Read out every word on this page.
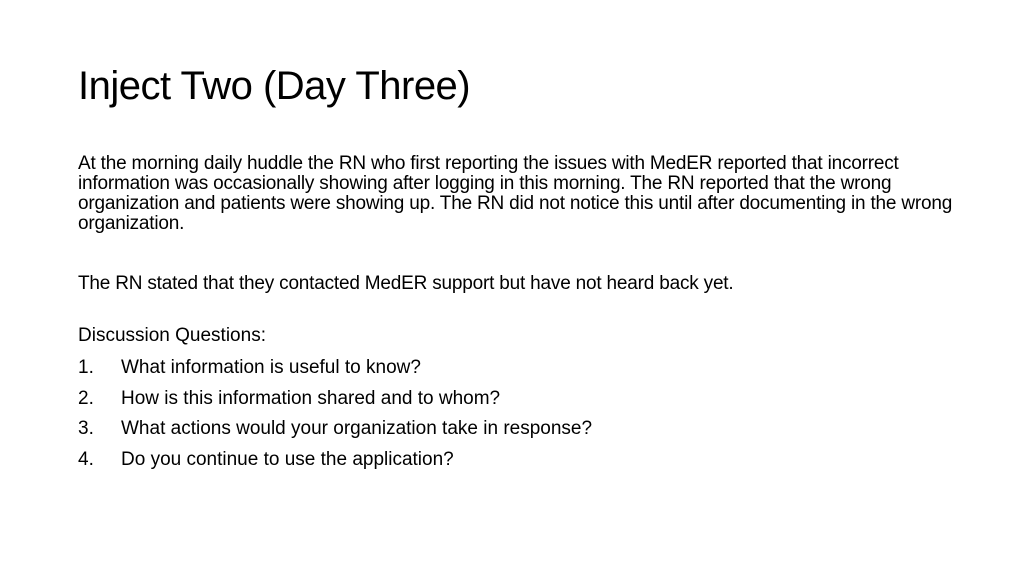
Inject Two (Day Three)

At the morning daily huddle the RN who first reporting the issues with MedER reported that incorrect information was occasionally showing after logging in this morning. The RN reported that the wrong organization and patients were showing up. The RN did not notice this until after documenting in the wrong organization.

The RN stated that they contacted MedER support but have not heard back yet.

Discussion Questions:
1.	What information is useful to know?
2.	How is this information shared and to whom?
3.	What actions would your organization take in response?
4.	Do you continue to use the application?
